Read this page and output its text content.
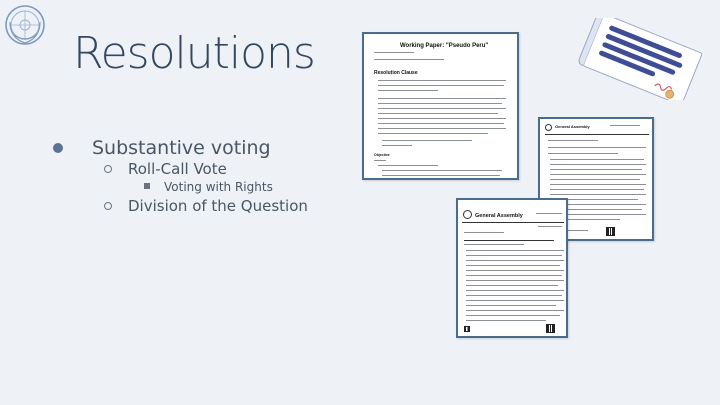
Resolutions
Substantive voting
Roll-Call Vote
Voting with Rights
Division of the Question
Working Paper: "Pseudo Peru"
Resolution Clause
Objective
General Assembly
General Assembly
